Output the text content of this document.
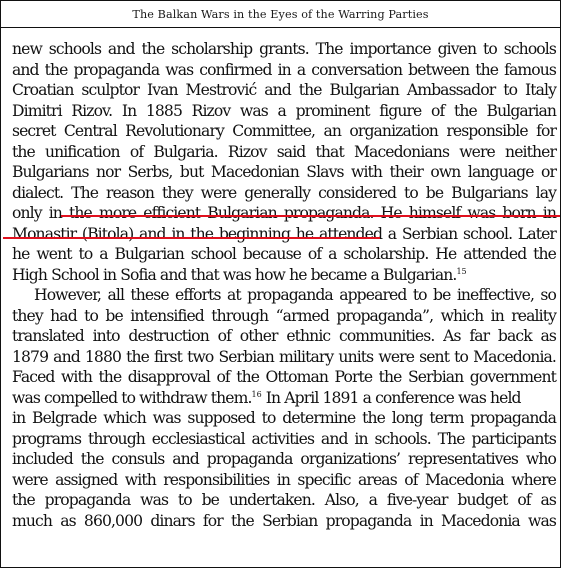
The Balkan Wars in the Eyes of the Warring Parties
new schools and the scholarship grants. The importance given to schools
and the propaganda was confirmed in a conversation between the famous
Croatian sculptor Ivan Mestrović and the Bulgarian Ambassador to Italy
Dimitri Rizov. In 1885 Rizov was a prominent figure of the Bulgarian
secret Central Revolutionary Committee, an organization responsible for
the unification of Bulgaria. Rizov said that Macedonians were neither
Bulgarians nor Serbs, but Macedonian Slavs with their own language or
dialect. The reason they were generally considered to be Bulgarians lay
only in the more efficient Bulgarian propaganda. He himself was born in
Monastir (Bitola) and in the beginning he attended a Serbian school. Later
he went to a Bulgarian school because of a scholarship. He attended the
High School in Sofia and that was how he became a Bulgarian.$^{15}$
However, all these efforts at propaganda appeared to be ineffective, so
they had to be intensified through “armed propaganda”, which in reality
translated into destruction of other ethnic communities. As far back as
1879 and 1880 the first two Serbian military units were sent to Macedonia.
Faced with the disapproval of the Ottoman Porte the Serbian government
was compelled to withdraw them.$^{16}$ In April 1891 a conference was held
in Belgrade which was supposed to determine the long term propaganda
programs through ecclesiastical activities and in schools. The participants
included the consuls and propaganda organizations’ representatives who
were assigned with responsibilities in specific areas of Macedonia where
the propaganda was to be undertaken. Also, a five-year budget of as
much as 860,000 dinars for the Serbian propaganda in Macedonia was
